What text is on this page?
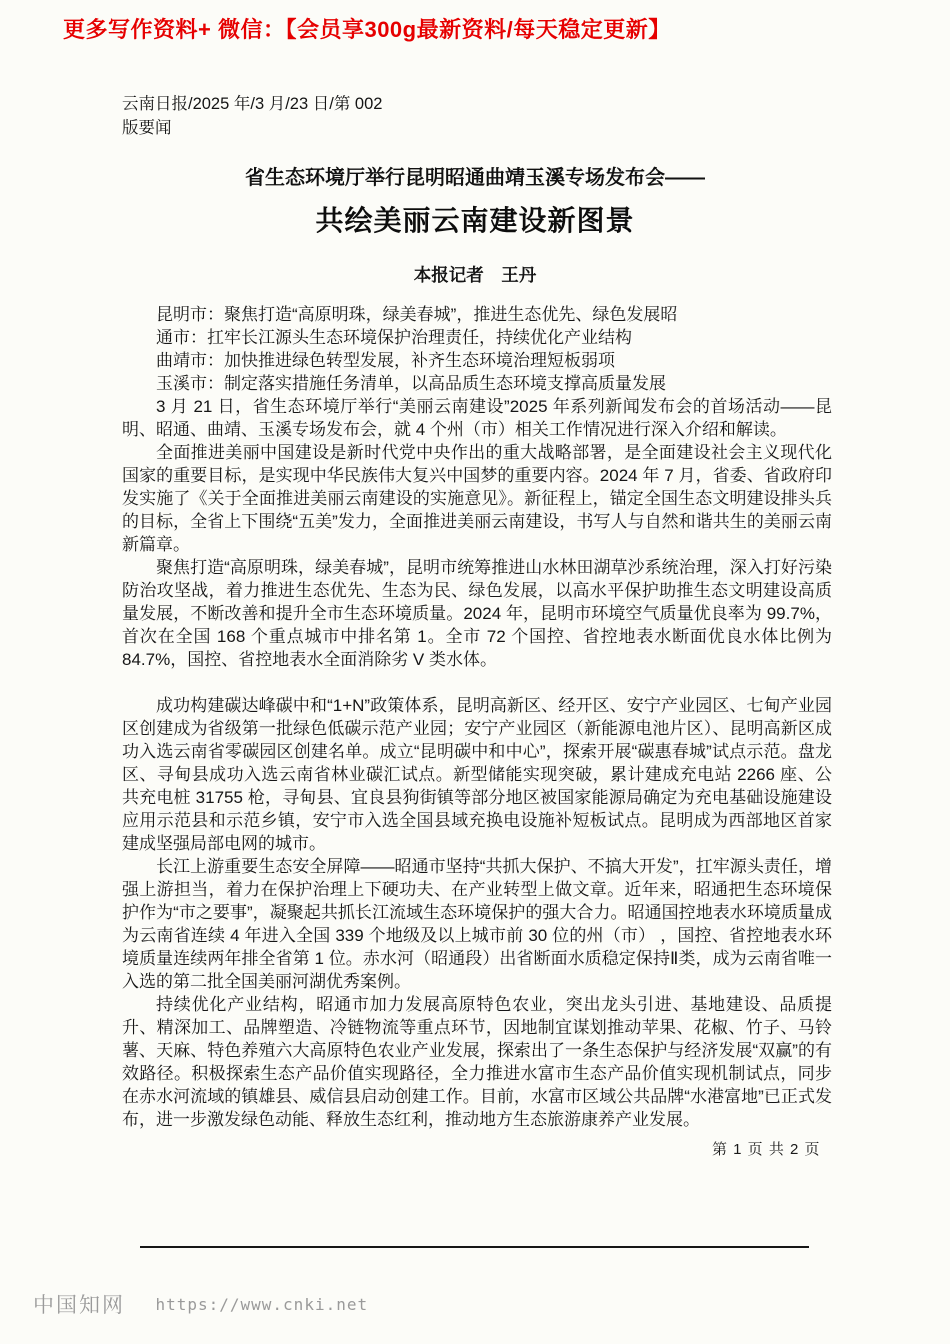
更多写作资料+ 微信：【会员享300g最新资料/每天稳定更新】
云南日报/2025 年/3 月/23 日/第 002
版要闻
省生态环境厅举行昆明昭通曲靖玉溪专场发布会——
共绘美丽云南建设新图景
本报记者　王丹
昆明市：聚焦打造“高原明珠，绿美春城”，推进生态优先、绿色发展昭
通市：扛牢长江源头生态环境保护治理责任，持续优化产业结构
曲靖市：加快推进绿色转型发展，补齐生态环境治理短板弱项
玉溪市：制定落实措施任务清单，以高品质生态环境支撑高质量发展
3 月 21 日，省生态环境厅举行“美丽云南建设”2025 年系列新闻发布会的首场活动——昆明、昭通、曲靖、玉溪专场发布会，就 4 个州（市）相关工作情况进行深入介绍和解读。
全面推进美丽中国建设是新时代党中央作出的重大战略部署，是全面建设社会主义现代化国家的重要目标，是实现中华民族伟大复兴中国梦的重要内容。2024 年 7 月，省委、省政府印发实施了《关于全面推进美丽云南建设的实施意见》。新征程上，锚定全国生态文明建设排头兵的目标，全省上下围绕“五美”发力，全面推进美丽云南建设，书写人与自然和谐共生的美丽云南新篇章。
聚焦打造“高原明珠，绿美春城”，昆明市统筹推进山水林田湖草沙系统治理，深入打好污染防治攻坚战，着力推进生态优先、生态为民、绿色发展，以高水平保护助推生态文明建设高质量发展，不断改善和提升全市生态环境质量。2024 年，昆明市环境空气质量优良率为 99.7%，首次在全国 168 个重点城市中排名第 1。全市 72 个国控、省控地表水断面优良水体比例为 84.7%，国控、省控地表水全面消除劣 V 类水体。
成功构建碳达峰碳中和“1+N”政策体系，昆明高新区、经开区、安宁产业园区、七甸产业园区创建成为省级第一批绿色低碳示范产业园；安宁产业园区（新能源电池片区）、昆明高新区成功入选云南省零碳园区创建名单。成立“昆明碳中和中心”，探索开展“碳惠春城”试点示范。盘龙区、寻甸县成功入选云南省林业碳汇试点。新型储能实现突破，累计建成充电站 2266 座、公共充电桩 31755 枪，寻甸县、宜良县狗街镇等部分地区被国家能源局确定为充电基础设施建设应用示范县和示范乡镇，安宁市入选全国县域充换电设施补短板试点。昆明成为西部地区首家建成坚强局部电网的城市。
长江上游重要生态安全屏障——昭通市坚持“共抓大保护、不搞大开发”，扛牢源头责任，增强上游担当，着力在保护治理上下硬功夫、在产业转型上做文章。近年来，昭通把生态环境保护作为“市之要事”，凝聚起共抓长江流域生态环境保护的强大合力。昭通国控地表水环境质量成为云南省连续 4 年进入全国 339 个地级及以上城市前 30 位的州（市） ，国控、省控地表水环境质量连续两年排全省第 1 位。赤水河（昭通段）出省断面水质稳定保持Ⅱ类，成为云南省唯一入选的第二批全国美丽河湖优秀案例。
持续优化产业结构，昭通市加力发展高原特色农业，突出龙头引进、基地建设、品质提升、精深加工、品牌塑造、冷链物流等重点环节，因地制宜谋划推动苹果、花椒、竹子、马铃薯、天麻、特色养殖六大高原特色农业产业发展，探索出了一条生态保护与经济发展“双赢”的有效路径。积极探索生态产品价值实现路径，全力推进水富市生态产品价值实现机制试点，同步在赤水河流域的镇雄县、威信县启动创建工作。目前，水富市区域公共品牌“水港富地”已正式发布，进一步激发绿色动能、释放生态红利，推动地方生态旅游康养产业发展。
第 1 页 共 2 页
中国知网 https://www.cnki.net
